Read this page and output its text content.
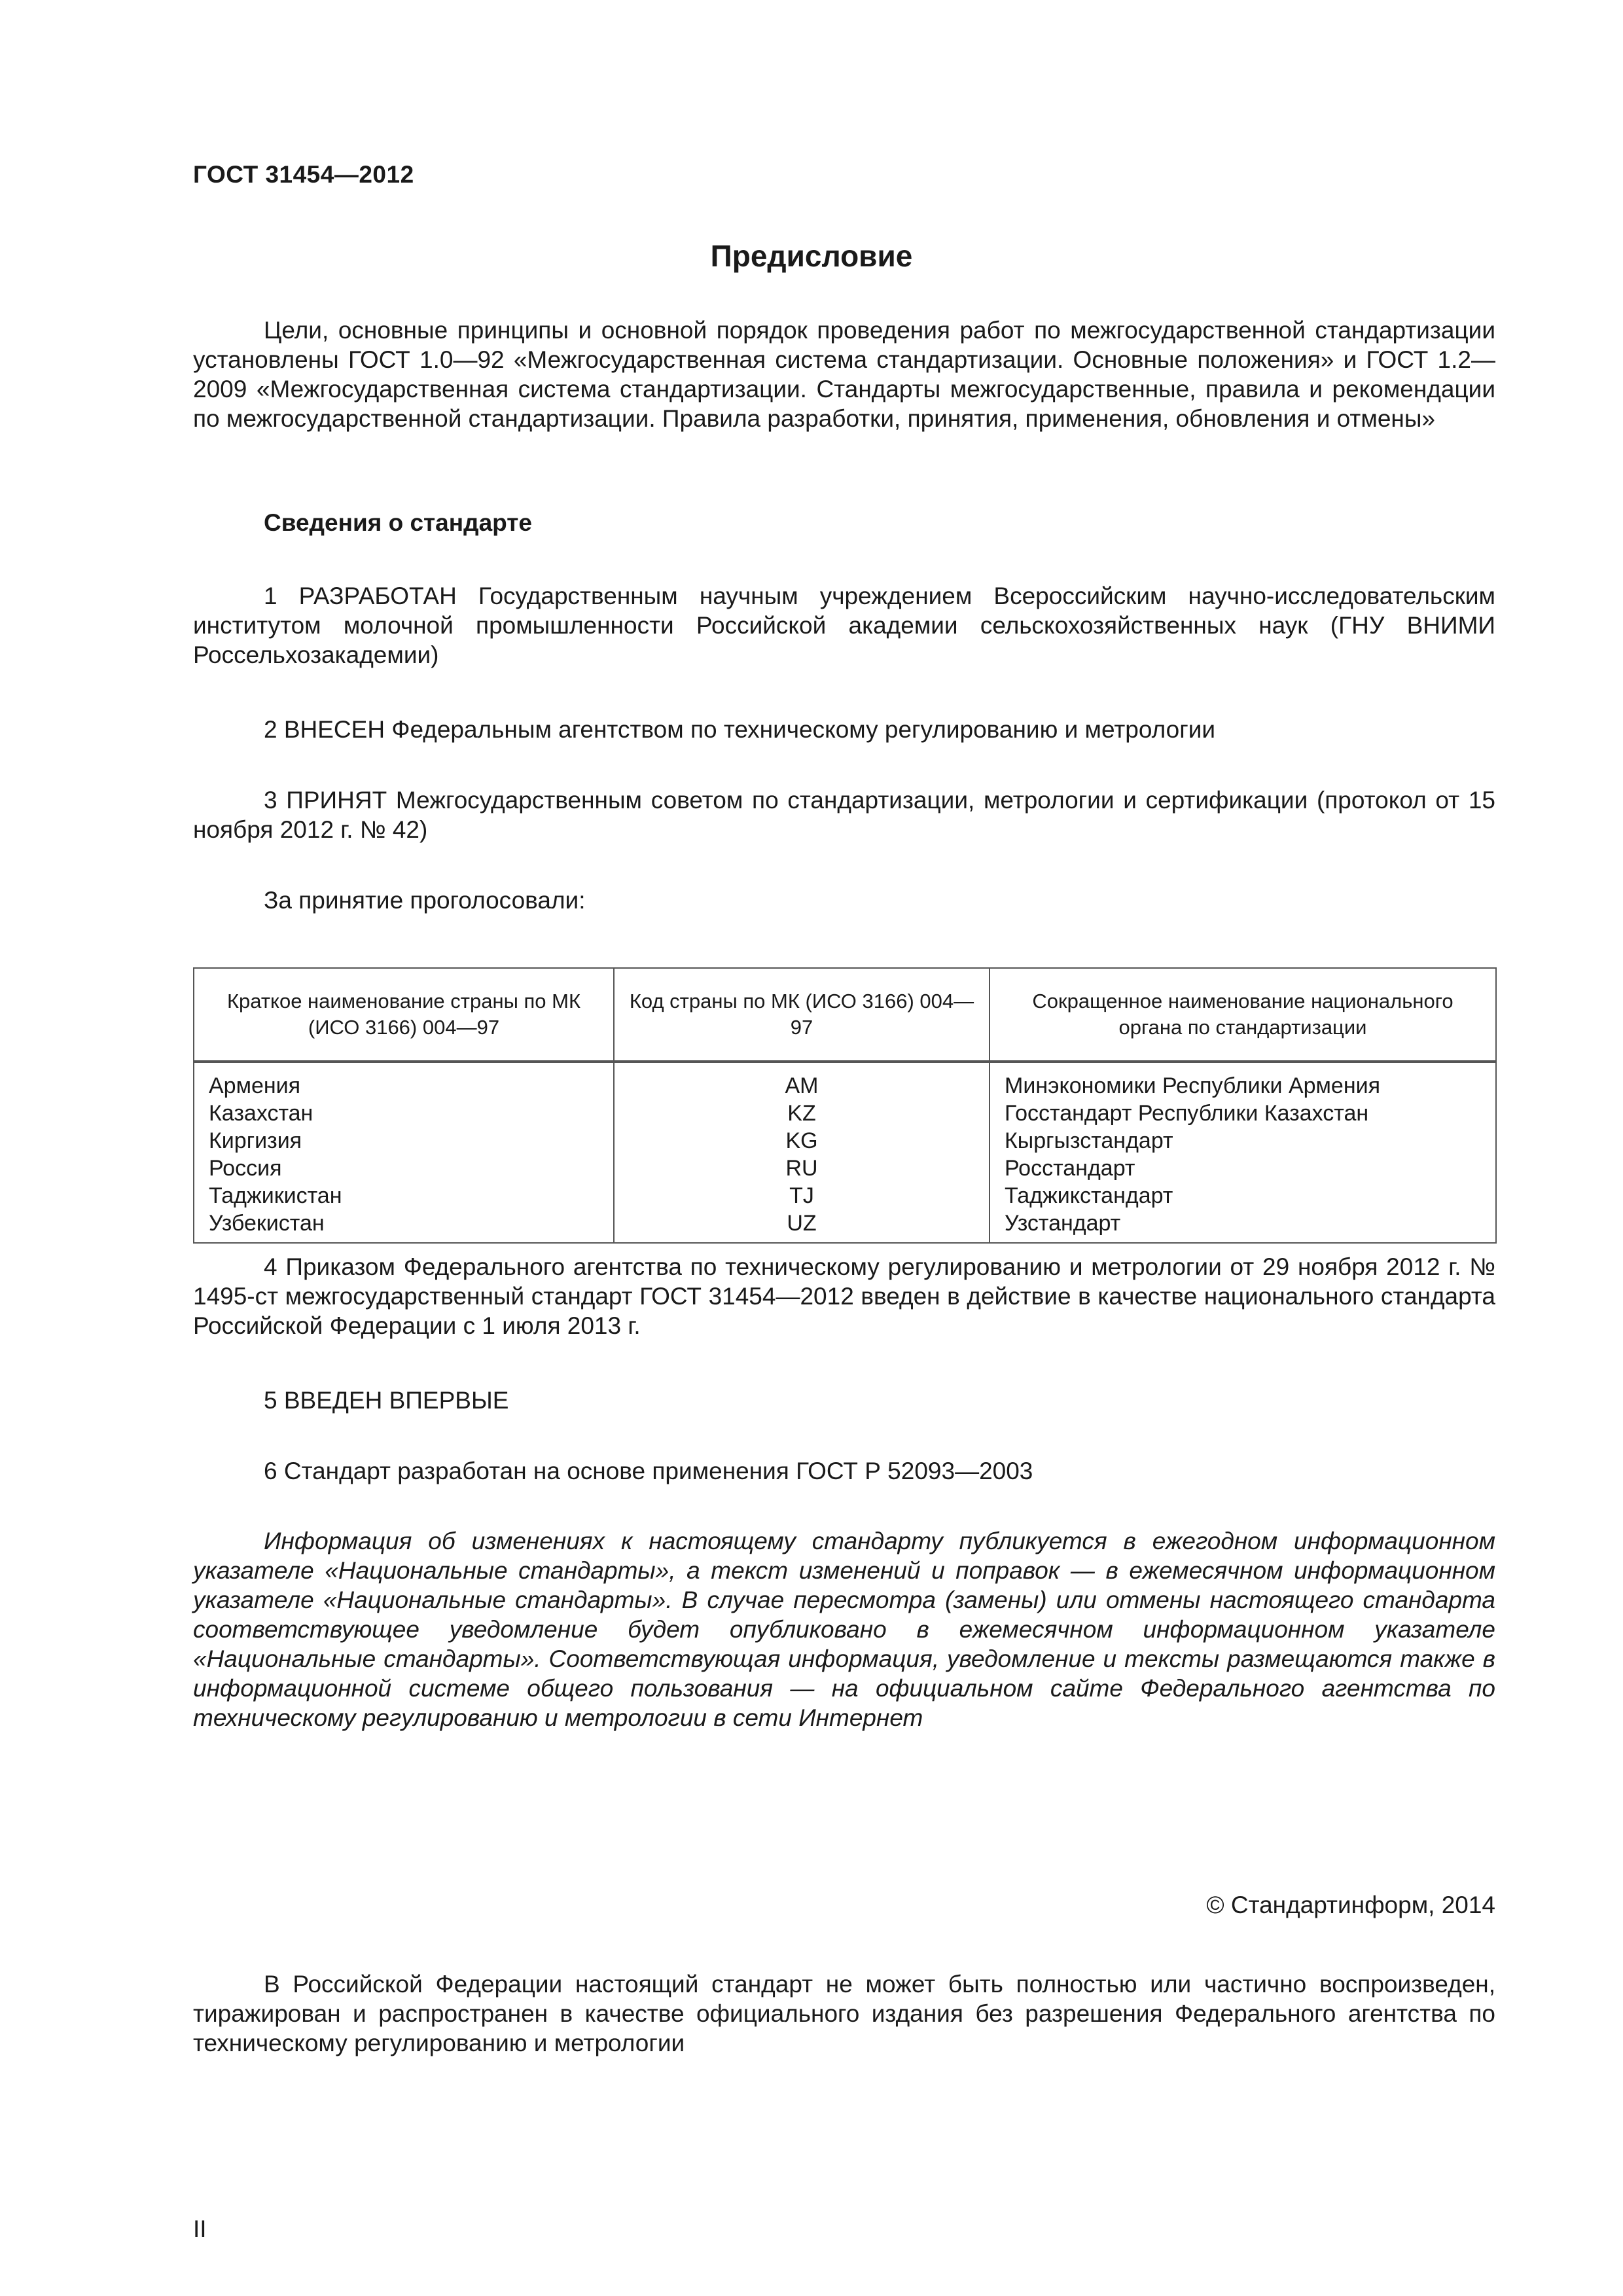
ГОСТ 31454—2012
Предисловие

Цели, основные принципы и основной порядок проведения работ по межгосударственной стандартизации установлены ГОСТ 1.0—92 «Межгосударственная система стандартизации. Основные положения» и ГОСТ 1.2—2009 «Межгосударственная система стандартизации. Стандарты межгосударственные, правила и рекомендации по межгосударственной стандартизации. Правила разработки, принятия, применения, обновления и отмены»

Сведения о стандарте

1 РАЗРАБОТАН Государственным научным учреждением Всероссийским научно-исследовательским институтом молочной промышленности Российской академии сельскохозяйственных наук (ГНУ ВНИМИ Россельхозакадемии)

2 ВНЕСЕН Федеральным агентством по техническому регулированию и метрологии

3 ПРИНЯТ Межгосударственным советом по стандартизации, метрологии и сертификации (протокол от 15 ноября 2012 г. № 42)

За принятие проголосовали:
Краткое наименование страны по МК (ИСО 3166) 004—97	Код страны по МК (ИСО 3166) 004—97	Сокращенное наименование национального органа по стандартизации

Армения	AM	Минэкономики Республики Армения
Казахстан	KZ	Госстандарт Республики Казахстан
Киргизия	KG	Кыргызстандарт
Россия	RU	Росстандарт
Таджикистан	TJ	Таджикстандарт
Узбекистан	UZ	Узстандарт

4 Приказом Федерального агентства по техническому регулированию и метрологии от 29 ноября 2012 г. № 1495-ст межгосударственный стандарт ГОСТ 31454—2012 введен в действие в качестве национального стандарта Российской Федерации с 1 июля 2013 г.

5 ВВЕДЕН ВПЕРВЫЕ
6 Стандарт разработан на основе применения ГОСТ Р 52093—2003

Информация об изменениях к настоящему стандарту публикуется в ежегодном информационном указателе «Национальные стандарты», а текст изменений и поправок — в ежемесячном информационном указателе «Национальные стандарты». В случае пересмотра (замены) или отмены настоящего стандарта соответствующее уведомление будет опубликовано в ежемесячном информационном указателе «Национальные стандарты». Соответствующая информация, уведомление и тексты размещаются также в информационной системе общего пользования — на официальном сайте Федерального агентства по техническому регулированию и метрологии в сети Интернет

© Стандартинформ, 2014

В Российской Федерации настоящий стандарт не может быть полностью или частично воспроизведен, тиражирован и распространен в качестве официального издания без разрешения Федерального агентства по техническому регулированию и метрологии

II
